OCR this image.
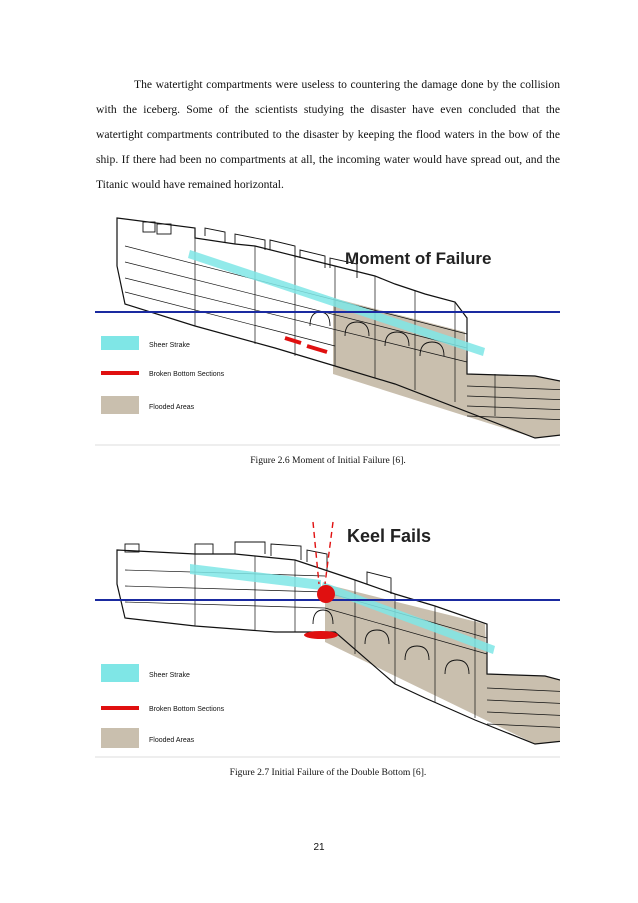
The watertight compartments were useless to countering the damage done by the collision with the iceberg. Some of the scientists studying the disaster have even concluded that the watertight compartments contributed to the disaster by keeping the flood waters in the bow of the ship. If there had been no compartments at all, the incoming water would have spread out, and the Titanic would have remained horizontal.

Moment of Failure
Sheer Strake
Broken Bottom Sections
Flooded Areas
Figure 2.6 Moment of Initial Failure [6].
Keel Fails
Sheer Strake
Broken Bottom Sections
Flooded Areas
Figure 2.7 Initial Failure of the Double Bottom [6].
21
